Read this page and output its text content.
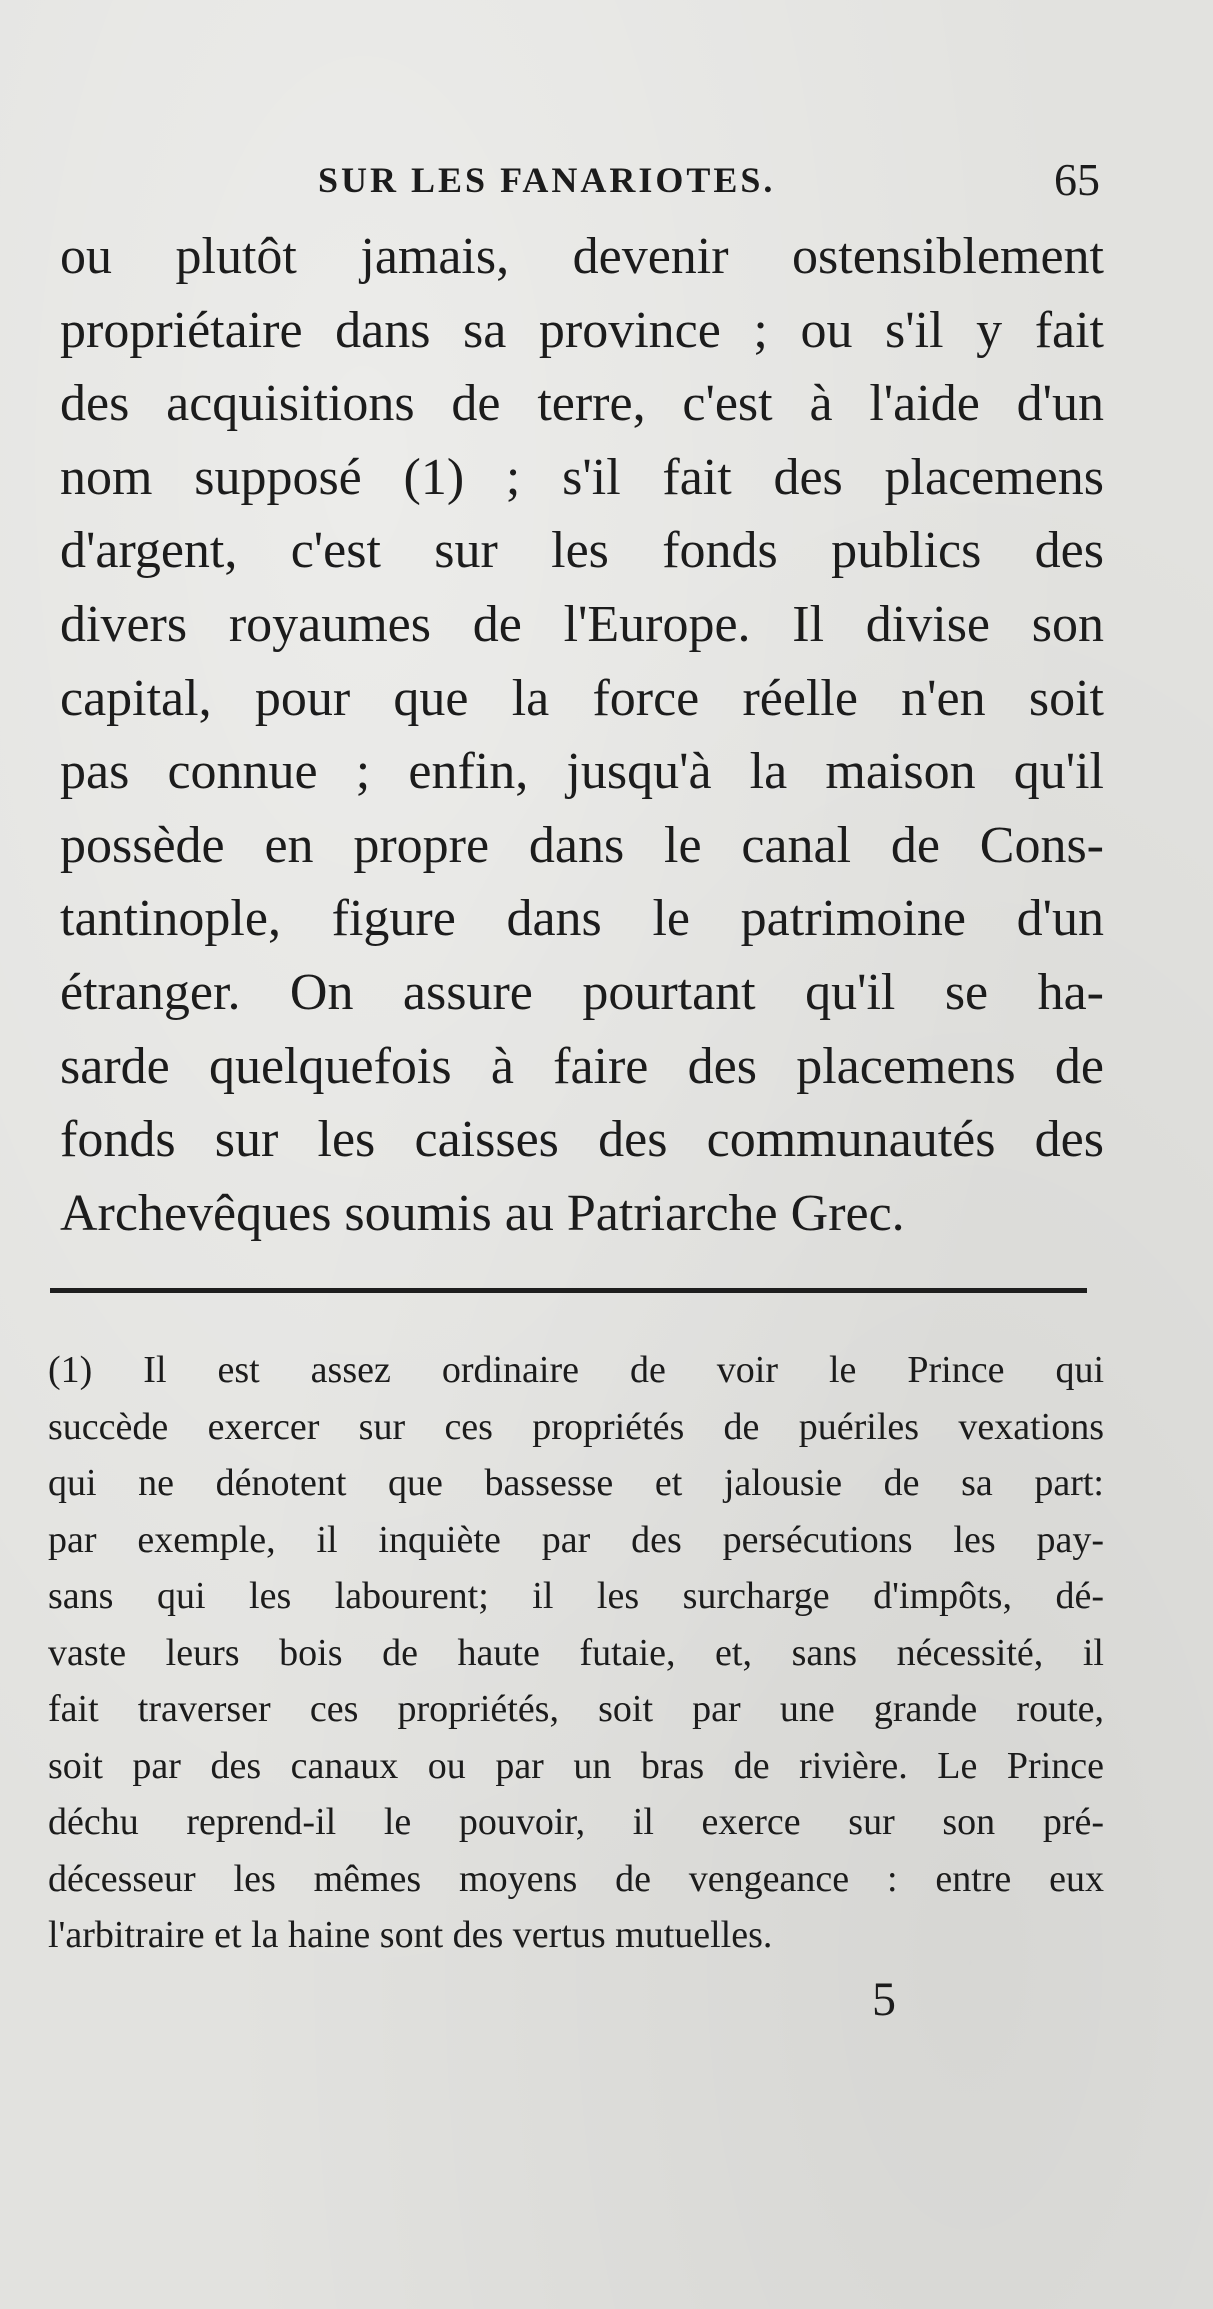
SUR LES FANARIOTES.	65
ou plutôt jamais, devenir ostensiblement
propriétaire dans sa province ; ou s'il y fait
des acquisitions de terre, c'est à l'aide d'un
nom supposé (1) ; s'il fait des placemens
d'argent, c'est sur les fonds publics des
divers royaumes de l'Europe. Il divise son
capital, pour que la force réelle n'en soit
pas connue ; enfin, jusqu'à la maison qu'il
possède en propre dans le canal de Cons-
tantinople, figure dans le patrimoine d'un
étranger. On assure pourtant qu'il se ha-
sarde quelquefois à faire des placemens de
fonds sur les caisses des communautés des
Archevêques soumis au Patriarche Grec.
(1) Il est assez ordinaire de voir le Prince qui
succède exercer sur ces propriétés de puériles vexations
qui ne dénotent que bassesse et jalousie de sa part:
par exemple, il inquiète par des persécutions les pay-
sans qui les labourent; il les surcharge d'impôts, dé-
vaste leurs bois de haute futaie, et, sans nécessité, il
fait traverser ces propriétés, soit par une grande route,
soit par des canaux ou par un bras de rivière. Le Prince
déchu reprend-il le pouvoir, il exerce sur son pré-
décesseur les mêmes moyens de vengeance : entre eux
l'arbitraire et la haine sont des vertus mutuelles.
5
